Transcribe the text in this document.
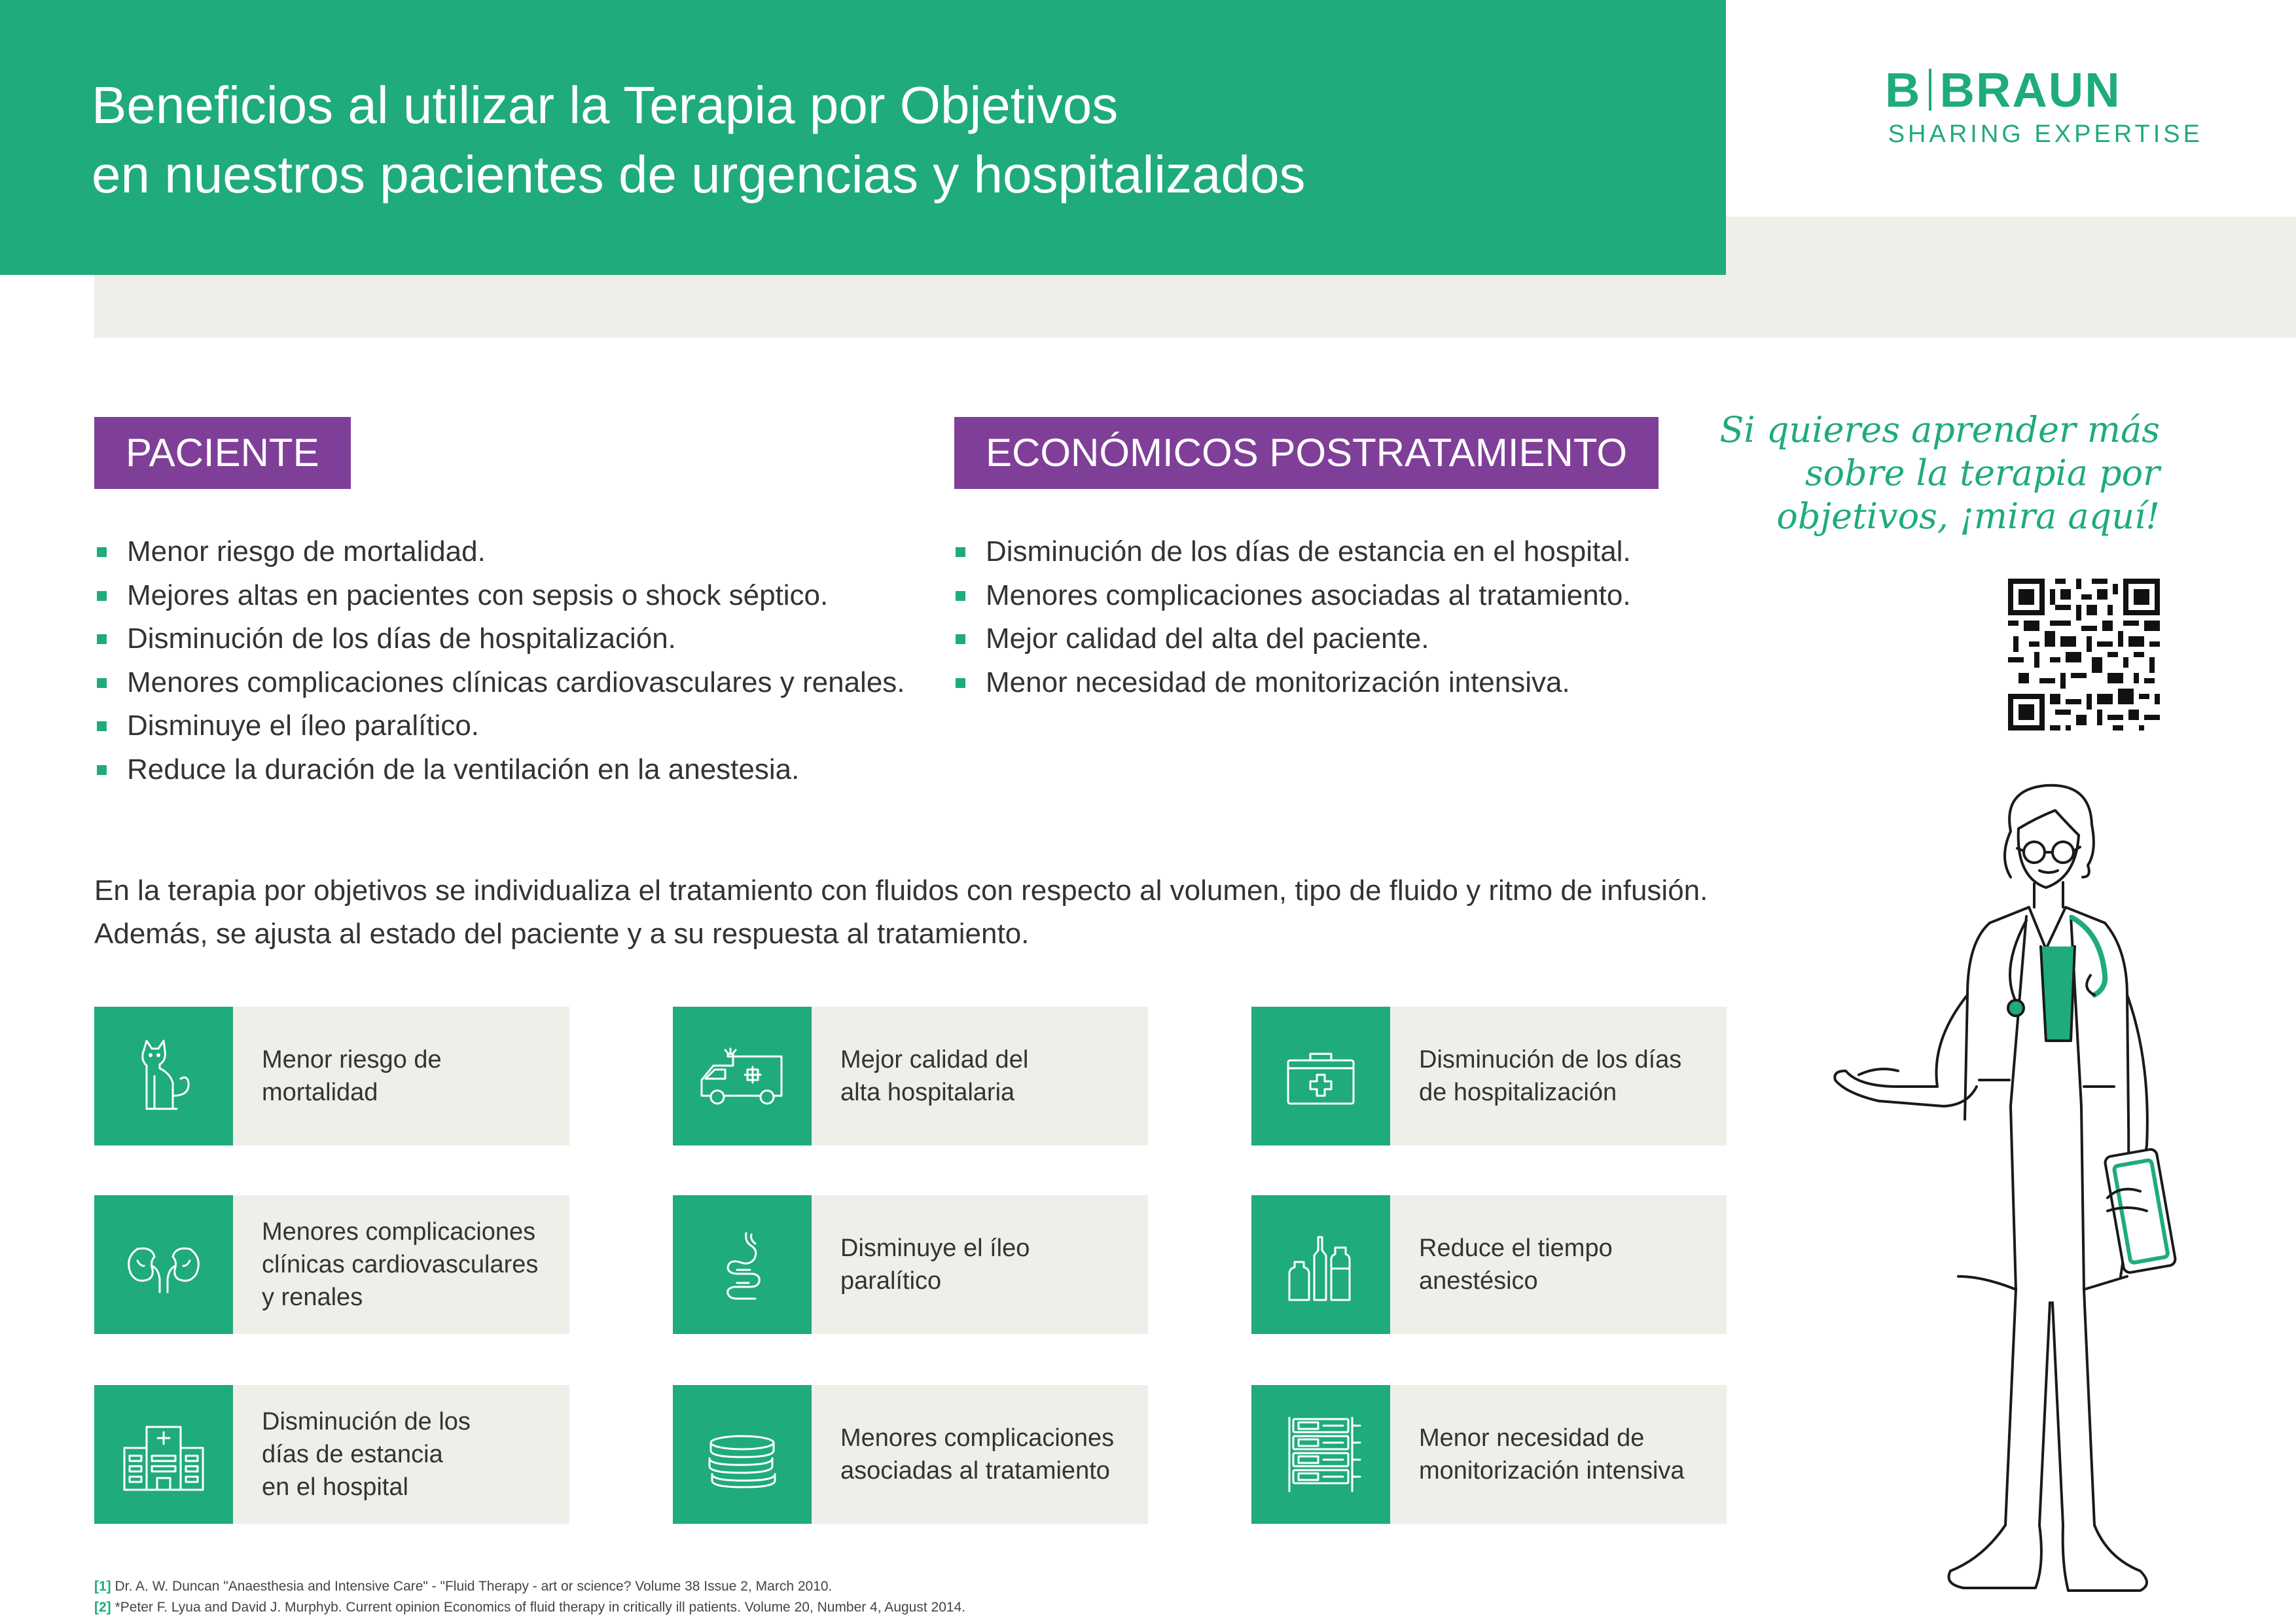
Beneficios al utilizar la Terapia por Objetivos
en nuestros pacientes de urgencias y hospitalizados
B BRAUN
SHARING EXPERTISE
PACIENTE
Menor riesgo de mortalidad.
Mejores altas en pacientes con sepsis o shock séptico.
Disminución de los días de hospitalización.
Menores complicaciones clínicas cardiovasculares y renales.
Disminuye el íleo paralítico.
Reduce la duración de la ventilación en la anestesia.
ECONÓMICOS POSTRATAMIENTO
Disminución de los días de estancia en el hospital.
Menores complicaciones asociadas al tratamiento.
Mejor calidad del alta del paciente.
Menor necesidad de monitorización intensiva.
Si quieres aprender más
sobre la terapia por
objetivos, ¡mira aquí!
En la terapia por objetivos se individualiza el tratamiento con fluidos con respecto al volumen, tipo de fluido y ritmo de infusión.
Además, se ajusta al estado del paciente y a su respuesta al tratamiento.
Menor riesgo de
mortalidad
Mejor calidad del
alta hospitalaria
Disminución de los días
de hospitalización
Menores complicaciones
clínicas cardiovasculares
y renales
Disminuye el íleo
paralítico
Reduce el tiempo
anestésico
Disminución de los
días de estancia
en el hospital
Menores complicaciones
asociadas al tratamiento
Menor necesidad de
monitorización intensiva
[1] Dr. A. W. Duncan "Anaesthesia and Intensive Care" - "Fluid Therapy - art or science? Volume 38 Issue 2, March 2010.
[2] *Peter F. Lyua and David J. Murphyb. Current opinion Economics of fluid therapy in critically ill patients. Volume 20, Number 4, August 2014.
